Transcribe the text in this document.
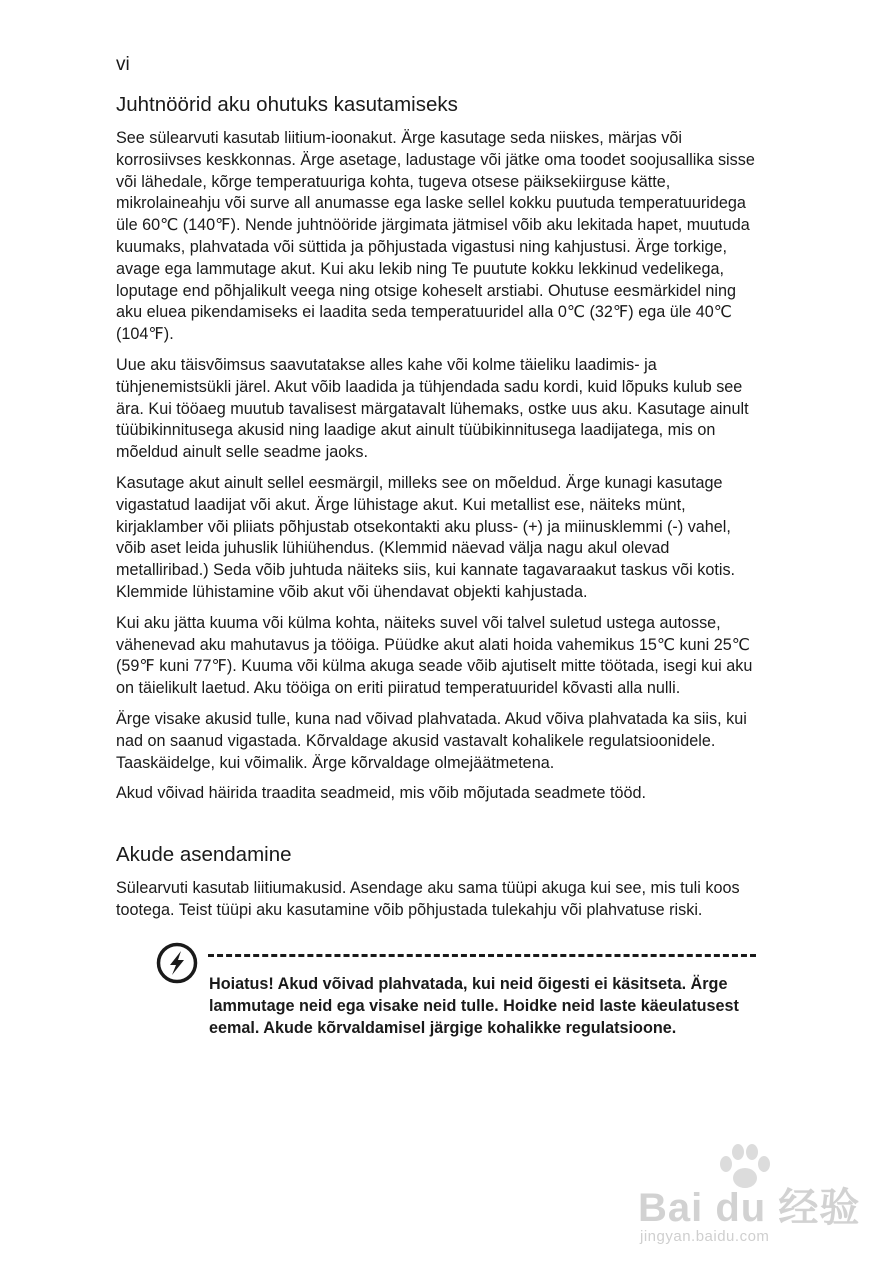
vi
Juhtnöörid aku ohutuks kasutamiseks

See sülearvuti kasutab liitium-ioonakut. Ärge kasutage seda niiskes, märjas või korrosiivses keskkonnas. Ärge asetage, ladustage või jätke oma toodet soojusallika sisse või lähedale, kõrge temperatuuriga kohta, tugeva otsese päiksekiirguse kätte, mikrolaineahju või surve all anumasse ega laske sellel kokku puutuda temperatuuridega üle 60℃ (140℉). Nende juhtnööride järgimata jätmisel võib aku lekitada hapet, muutuda kuumaks, plahvatada või süttida ja põhjustada vigastusi ning kahjustusi. Ärge torkige, avage ega lammutage akut. Kui aku lekib ning Te puutute kokku lekkinud vedelikega, loputage end põhjalikult veega ning otsige koheselt arstiabi. Ohutuse eesmärkidel ning aku eluea pikendamiseks ei laadita seda temperatuuridel alla 0℃ (32℉) ega üle 40℃ (104℉).

Uue aku täisvõimsus saavutatakse alles kahe või kolme täieliku laadimis- ja tühjenemistsükli järel. Akut võib laadida ja tühjendada sadu kordi, kuid lõpuks kulub see ära. Kui tööaeg muutub tavalisest märgatavalt lühemaks, ostke uus aku. Kasutage ainult tüübikinnitusega akusid ning laadige akut ainult tüübikinnitusega laadijatega, mis on mõeldud ainult selle seadme jaoks.

Kasutage akut ainult sellel eesmärgil, milleks see on mõeldud. Ärge kunagi kasutage vigastatud laadijat või akut. Ärge lühistage akut. Kui metallist ese, näiteks münt, kirjaklamber või pliiats põhjustab otsekontakti aku pluss- (+) ja miinusklemmi (-) vahel, võib aset leida juhuslik lühiühendus. (Klemmid näevad välja nagu akul olevad metalliribad.) Seda võib juhtuda näiteks siis, kui kannate tagavaraakut taskus või kotis. Klemmide lühistamine võib akut või ühendavat objekti kahjustada.

Kui aku jätta kuuma või külma kohta, näiteks suvel või talvel suletud ustega autosse, vähenevad aku mahutavus ja tööiga. Püüdke akut alati hoida vahemikus 15℃ kuni 25℃ (59℉ kuni 77℉). Kuuma või külma akuga seade võib ajutiselt mitte töötada, isegi kui aku on täielikult laetud. Aku tööiga on eriti piiratud temperatuuridel kõvasti alla nulli.

Ärge visake akusid tulle, kuna nad võivad plahvatada. Akud võiva plahvatada ka siis, kui nad on saanud vigastada. Kõrvaldage akusid vastavalt kohalikele regulatsioonidele. Taaskäidelge, kui võimalik. Ärge kõrvaldage olmejäätmetena.

Akud võivad häirida traadita seadmeid, mis võib mõjutada seadmete tööd.

Akude asendamine

Sülearvuti kasutab liitiumakusid. Asendage aku sama tüüpi akuga kui see, mis tuli koos tootega. Teist tüüpi aku kasutamine võib põhjustada tulekahju või plahvatuse riski.

Hoiatus! Akud võivad plahvatada, kui neid õigesti ei käsitseta. Ärge lammutage neid ega visake neid tulle. Hoidke neid laste käeulatusest eemal. Akude kõrvaldamisel järgige kohalikke regulatsioone.
Bai du 经验
jingyan.baidu.com
